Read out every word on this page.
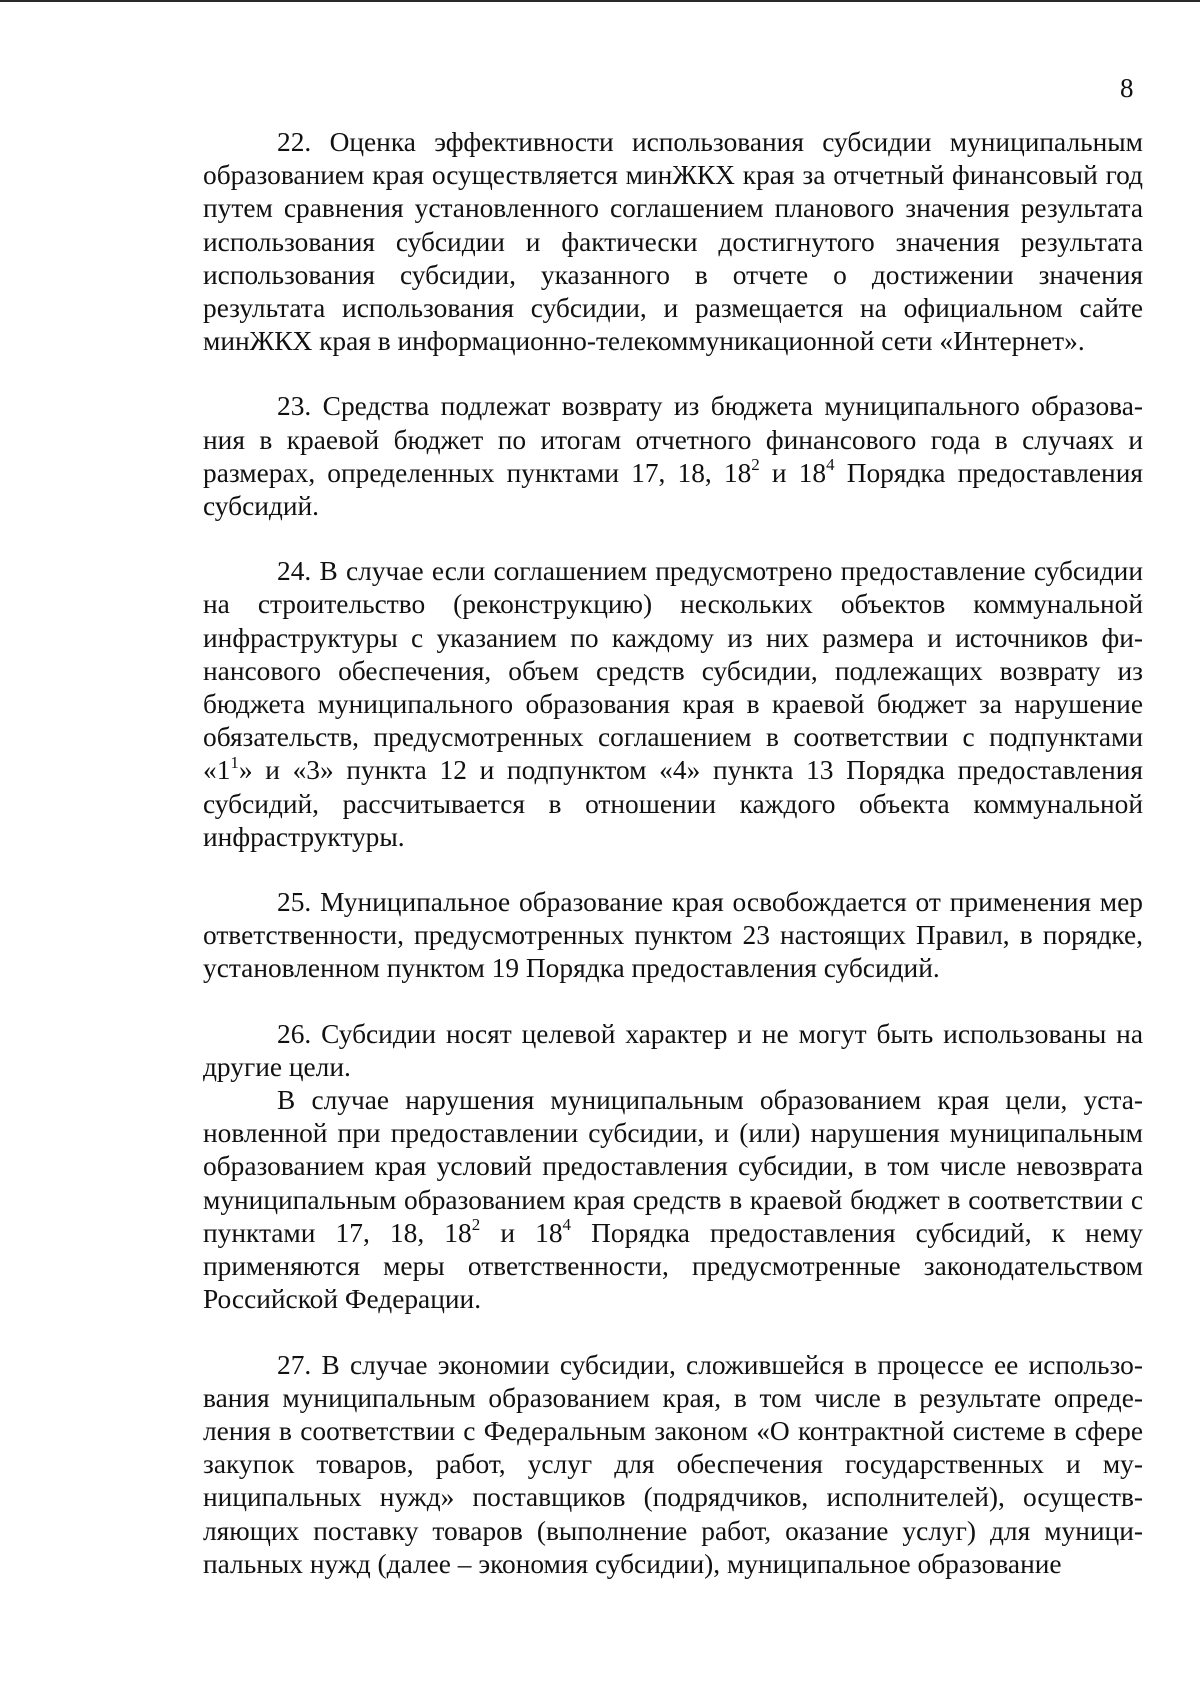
8

22. Оценка эффективности использования субсидии муниципальным образованием края осуществляется минЖКХ края за отчетный финансовый год путем сравнения установленного соглашением планового значения результата использования субсидии и фактически достигнутого значения результата использования субсидии, указанного в отчете о достижении значения результата использования субсидии, и размещается на официальном сайте минЖКХ края в информационно-телекоммуникационной сети «Интернет».

23. Средства подлежат возврату из бюджета муниципального образования в краевой бюджет по итогам отчетного финансового года в случаях и размерах, определенных пунктами 17, 18, $18^2$ и $18^4$ Порядка предоставления субсидий.

24. В случае если соглашением предусмотрено предоставление субсидии на строительство (реконструкцию) нескольких объектов коммунальной инфраструктуры с указанием по каждому из них размера и источников финансового обеспечения, объем средств субсидии, подлежащих возврату из бюджета муниципального образования края в краевой бюджет за нарушение обязательств, предусмотренных соглашением в соответствии с подпунктами «$1^1$» и «3» пункта 12 и подпунктом «4» пункта 13 Порядка предоставления субсидий, рассчитывается в отношении каждого объекта коммунальной инфраструктуры.

25. Муниципальное образование края освобождается от применения мер ответственности, предусмотренных пунктом 23 настоящих Правил, в порядке, установленном пунктом 19 Порядка предоставления субсидий.

26. Субсидии носят целевой характер и не могут быть использованы на другие цели.

В случае нарушения муниципальным образованием края цели, установленной при предоставлении субсидии, и (или) нарушения муниципальным образованием края условий предоставления субсидии, в том числе невозврата муниципальным образованием края средств в краевой бюджет в соответствии с пунктами 17, 18, $18^2$ и $18^4$ Порядка предоставления субсидий, к нему применяются меры ответственности, предусмотренные законодательством Российской Федерации.

27. В случае экономии субсидии, сложившейся в процессе ее использования муниципальным образованием края, в том числе в результате определения в соответствии с Федеральным законом «О контрактной системе в сфере закупок товаров, работ, услуг для обеспечения государственных и муниципальных нужд» поставщиков (подрядчиков, исполнителей), осуществляющих поставку товаров (выполнение работ, оказание услуг) для муниципальных нужд (далее – экономия субсидии), муниципальное образование
